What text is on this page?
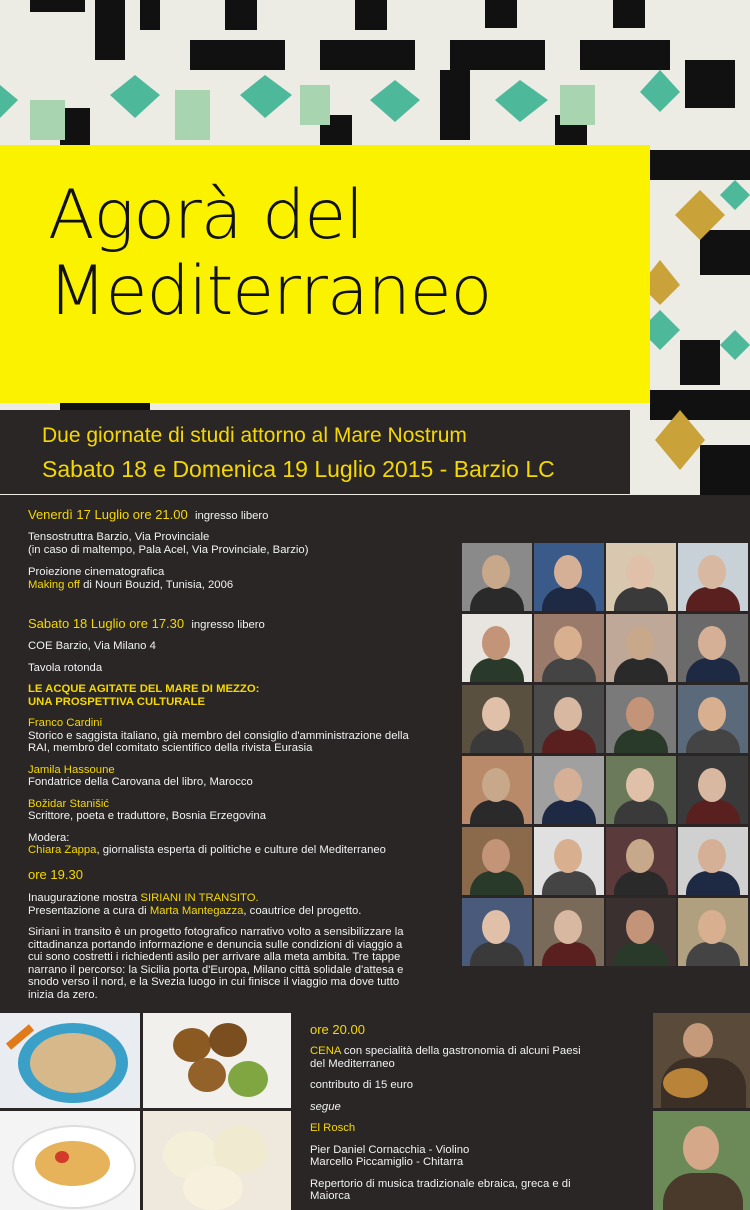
Agorà del
Mediterraneo
Due giornate di studi attorno al Mare Nostrum
Sabato 18 e Domenica 19 Luglio 2015 - Barzio LC
Venerdì 17 Luglio ore 21.00 ingresso libero
Tensostruttra Barzio, Via Provinciale
(in caso di maltempo, Pala Acel, Via Provinciale, Barzio)
Proiezione cinematografica
Making off di Nouri Bouzid, Tunisia, 2006
Sabato 18 Luglio ore 17.30 ingresso libero
COE Barzio, Via Milano 4
Tavola rotonda
LE ACQUE AGITATE DEL MARE DI MEZZO:
UNA PROSPETTIVA CULTURALE
Franco Cardini
Storico e saggista italiano, già membro del consiglio d'amministrazione della
RAI, membro del comitato scientifico della rivista Eurasia
Jamila Hassoune
Fondatrice della Carovana del libro, Marocco
Božidar Stanišić
Scrittore, poeta e traduttore, Bosnia Erzegovina
Modera:
Chiara Zappa, giornalista esperta di politiche e culture del Mediterraneo
ore 19.30
Inaugurazione mostra SIRIANI IN TRANSITO.
Presentazione a cura di Marta Mantegazza, coautrice del progetto.
Siriani in transito è un progetto fotografico narrativo volto a sensibilizzare la
cittadinanza portando informazione e denuncia sulle condizioni di viaggio a
cui sono costretti i richiedenti asilo per arrivare alla meta ambita. Tre tappe
narrano il percorso: la Sicilia porta d'Europa, Milano città solidale d'attesa e
snodo verso il nord, e la Svezia luogo in cui finisce il viaggio ma dove tutto
inizia da zero.
ore 20.00
CENA con specialità della gastronomia di alcuni Paesi
del Mediterraneo
contributo di 15 euro
segue
El Rosch
Pier Daniel Cornacchia - Violino
Marcello Piccamiglio - Chitarra
Repertorio di musica tradizionale ebraica, greca e di
Maiorca
